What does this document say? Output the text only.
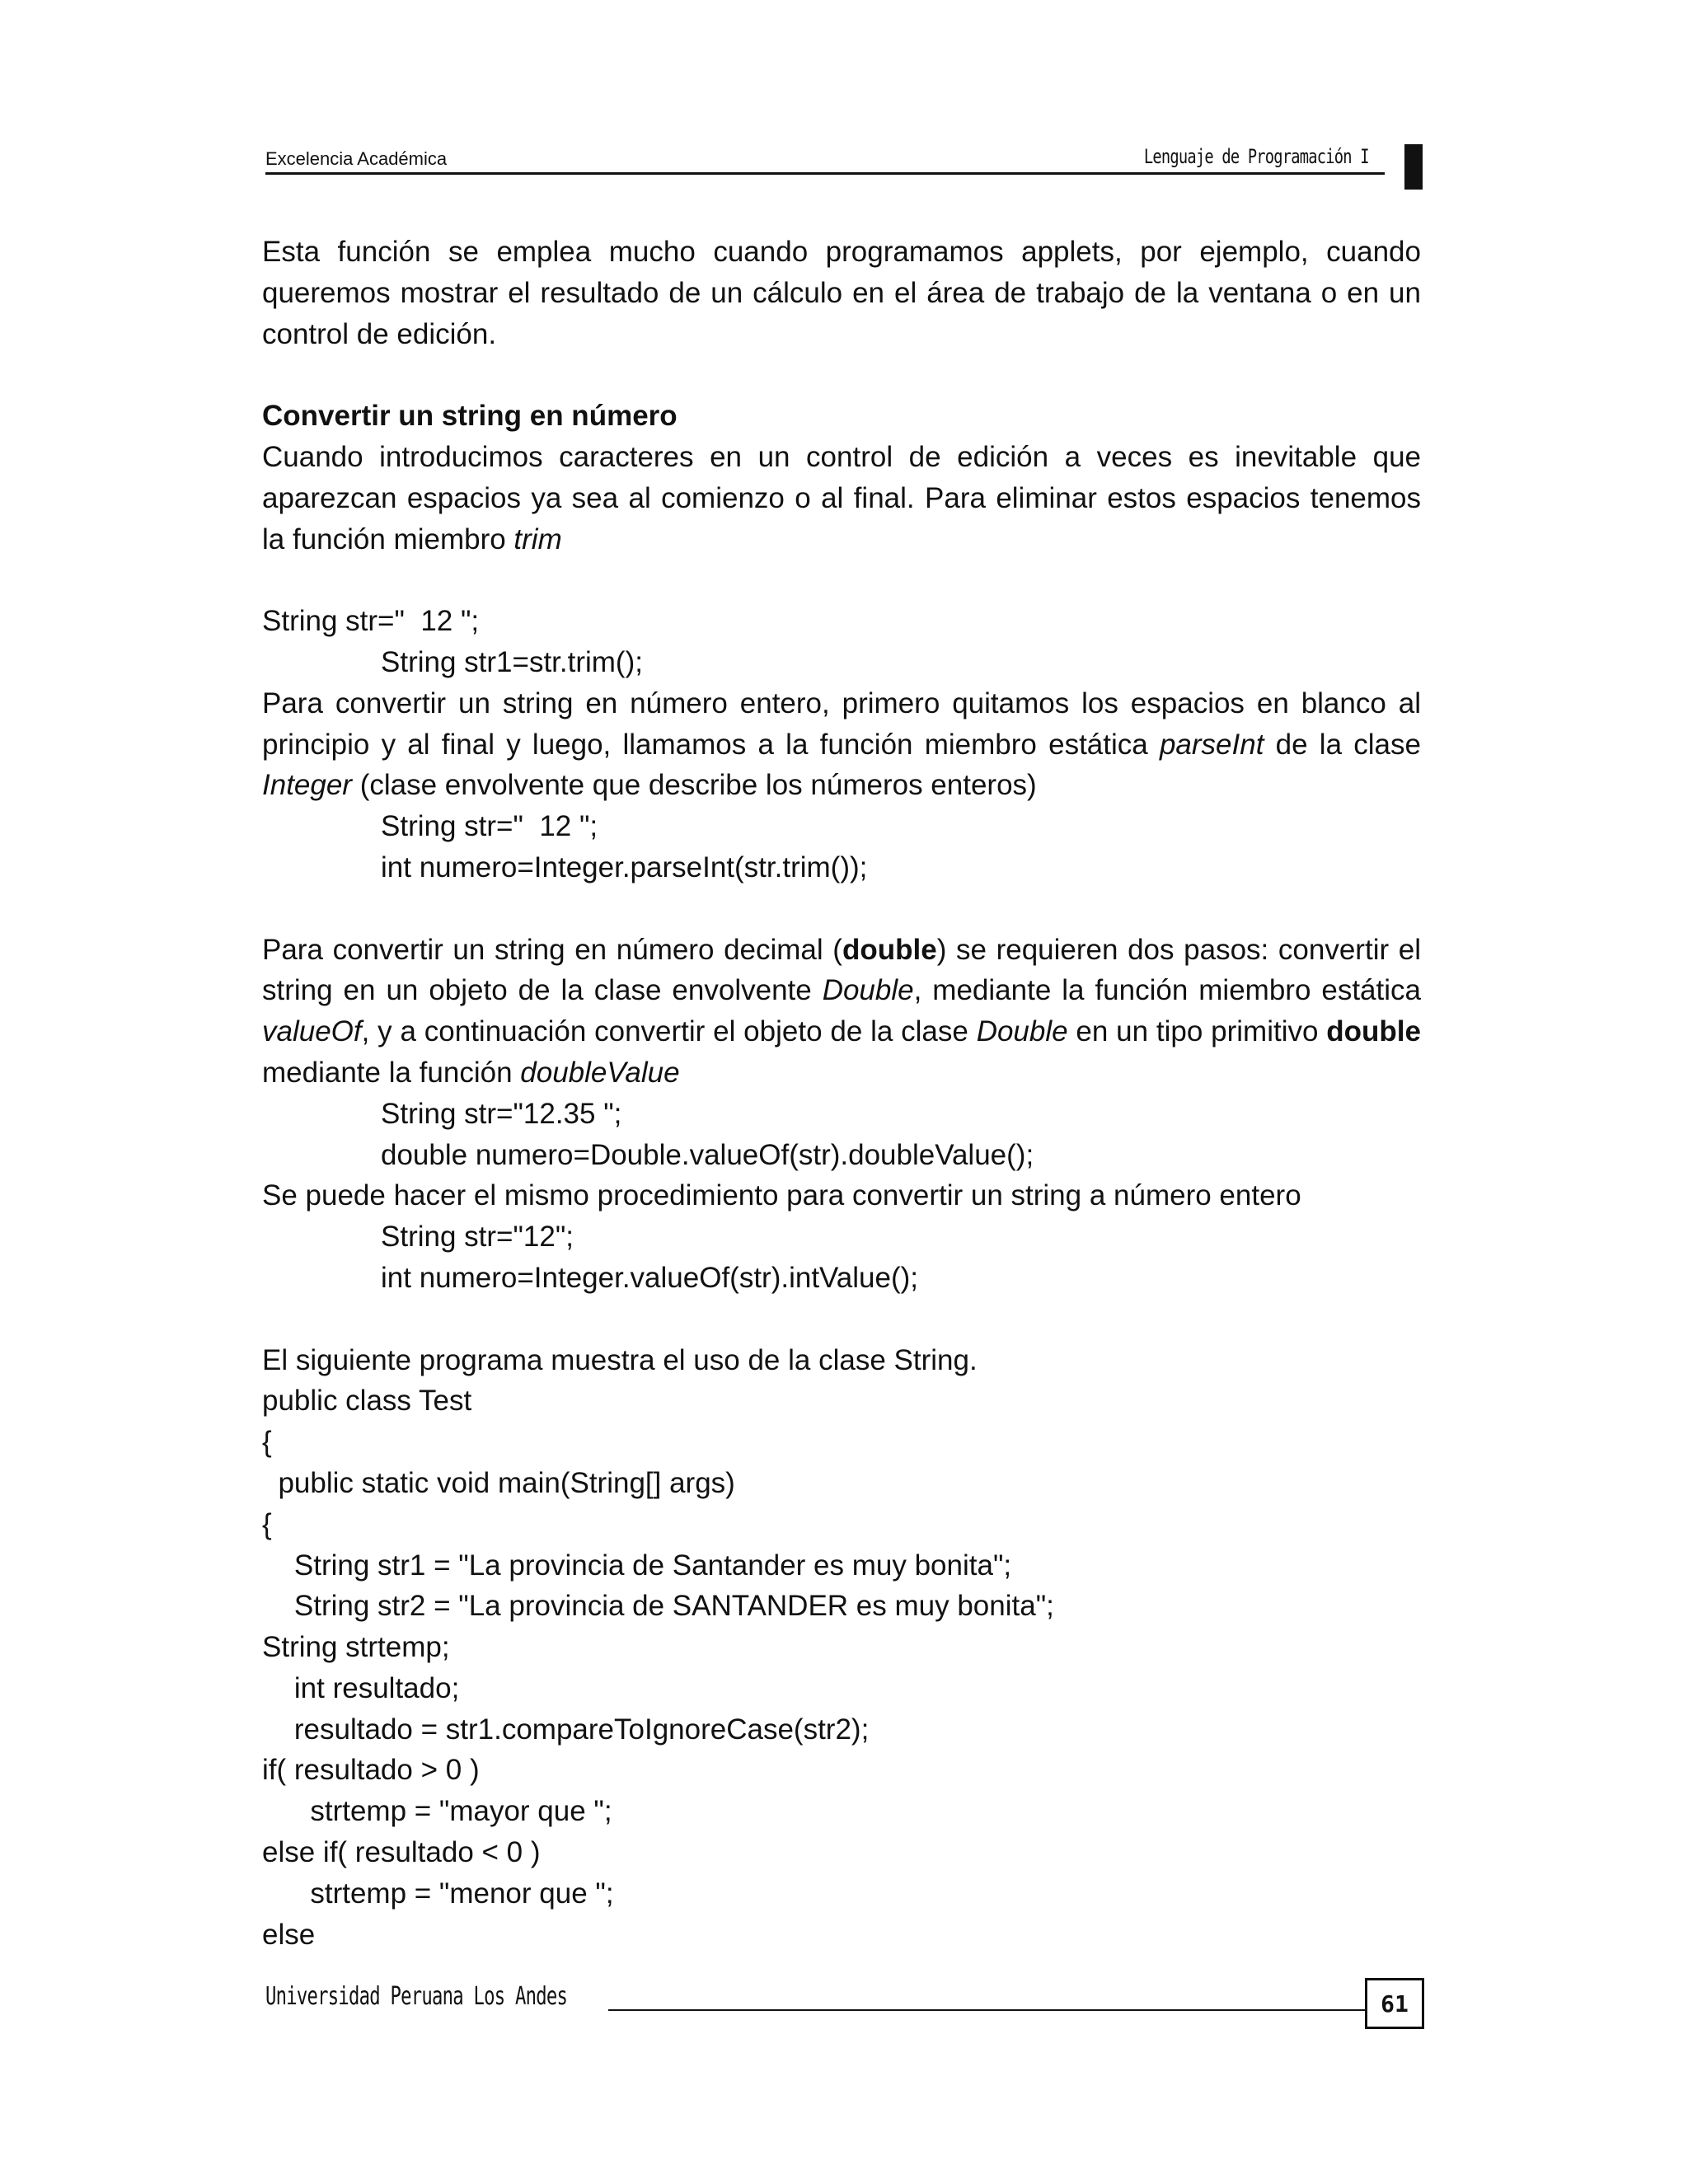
Excelencia Académica	Lenguaje de Programación I

Esta función se emplea mucho cuando programamos applets, por ejemplo, cuando queremos mostrar el resultado de un cálculo en el área de trabajo de la ventana o en un control de edición.

Convertir un string en número

Cuando introducimos caracteres en un control de edición a veces es inevitable que aparezcan espacios ya sea al comienzo o al final. Para eliminar estos espacios tenemos la función miembro trim

String str="  12 ";

String str1=str.trim();

Para convertir un string en número entero, primero quitamos los espacios en blanco al principio y al final y luego, llamamos a la función miembro estática parseInt de la clase Integer (clase envolvente que describe los números enteros)

String str="  12 ";

int numero=Integer.parseInt(str.trim());

Para convertir un string en número decimal (double) se requieren dos pasos: convertir el string en un objeto de la clase envolvente Double, mediante la función miembro estática valueOf, y a continuación convertir el objeto de la clase Double en un tipo primitivo double mediante la función doubleValue

String str="12.35 ";

double numero=Double.valueOf(str).doubleValue();

Se puede hacer el mismo procedimiento para convertir un string a número entero

String str="12";

int numero=Integer.valueOf(str).intValue();

El siguiente programa muestra el uso de la clase String.

public class Test

{

public static void main(String[] args)

{

String str1 = "La provincia de Santander es muy bonita";

String str2 = "La provincia de SANTANDER es muy bonita";

String strtemp;

int resultado;

resultado = str1.compareToIgnoreCase(str2);

if( resultado > 0 )

strtemp = "mayor que ";

else if( resultado < 0 )

strtemp = "menor que ";

else

Universidad Peruana Los Andes	61
